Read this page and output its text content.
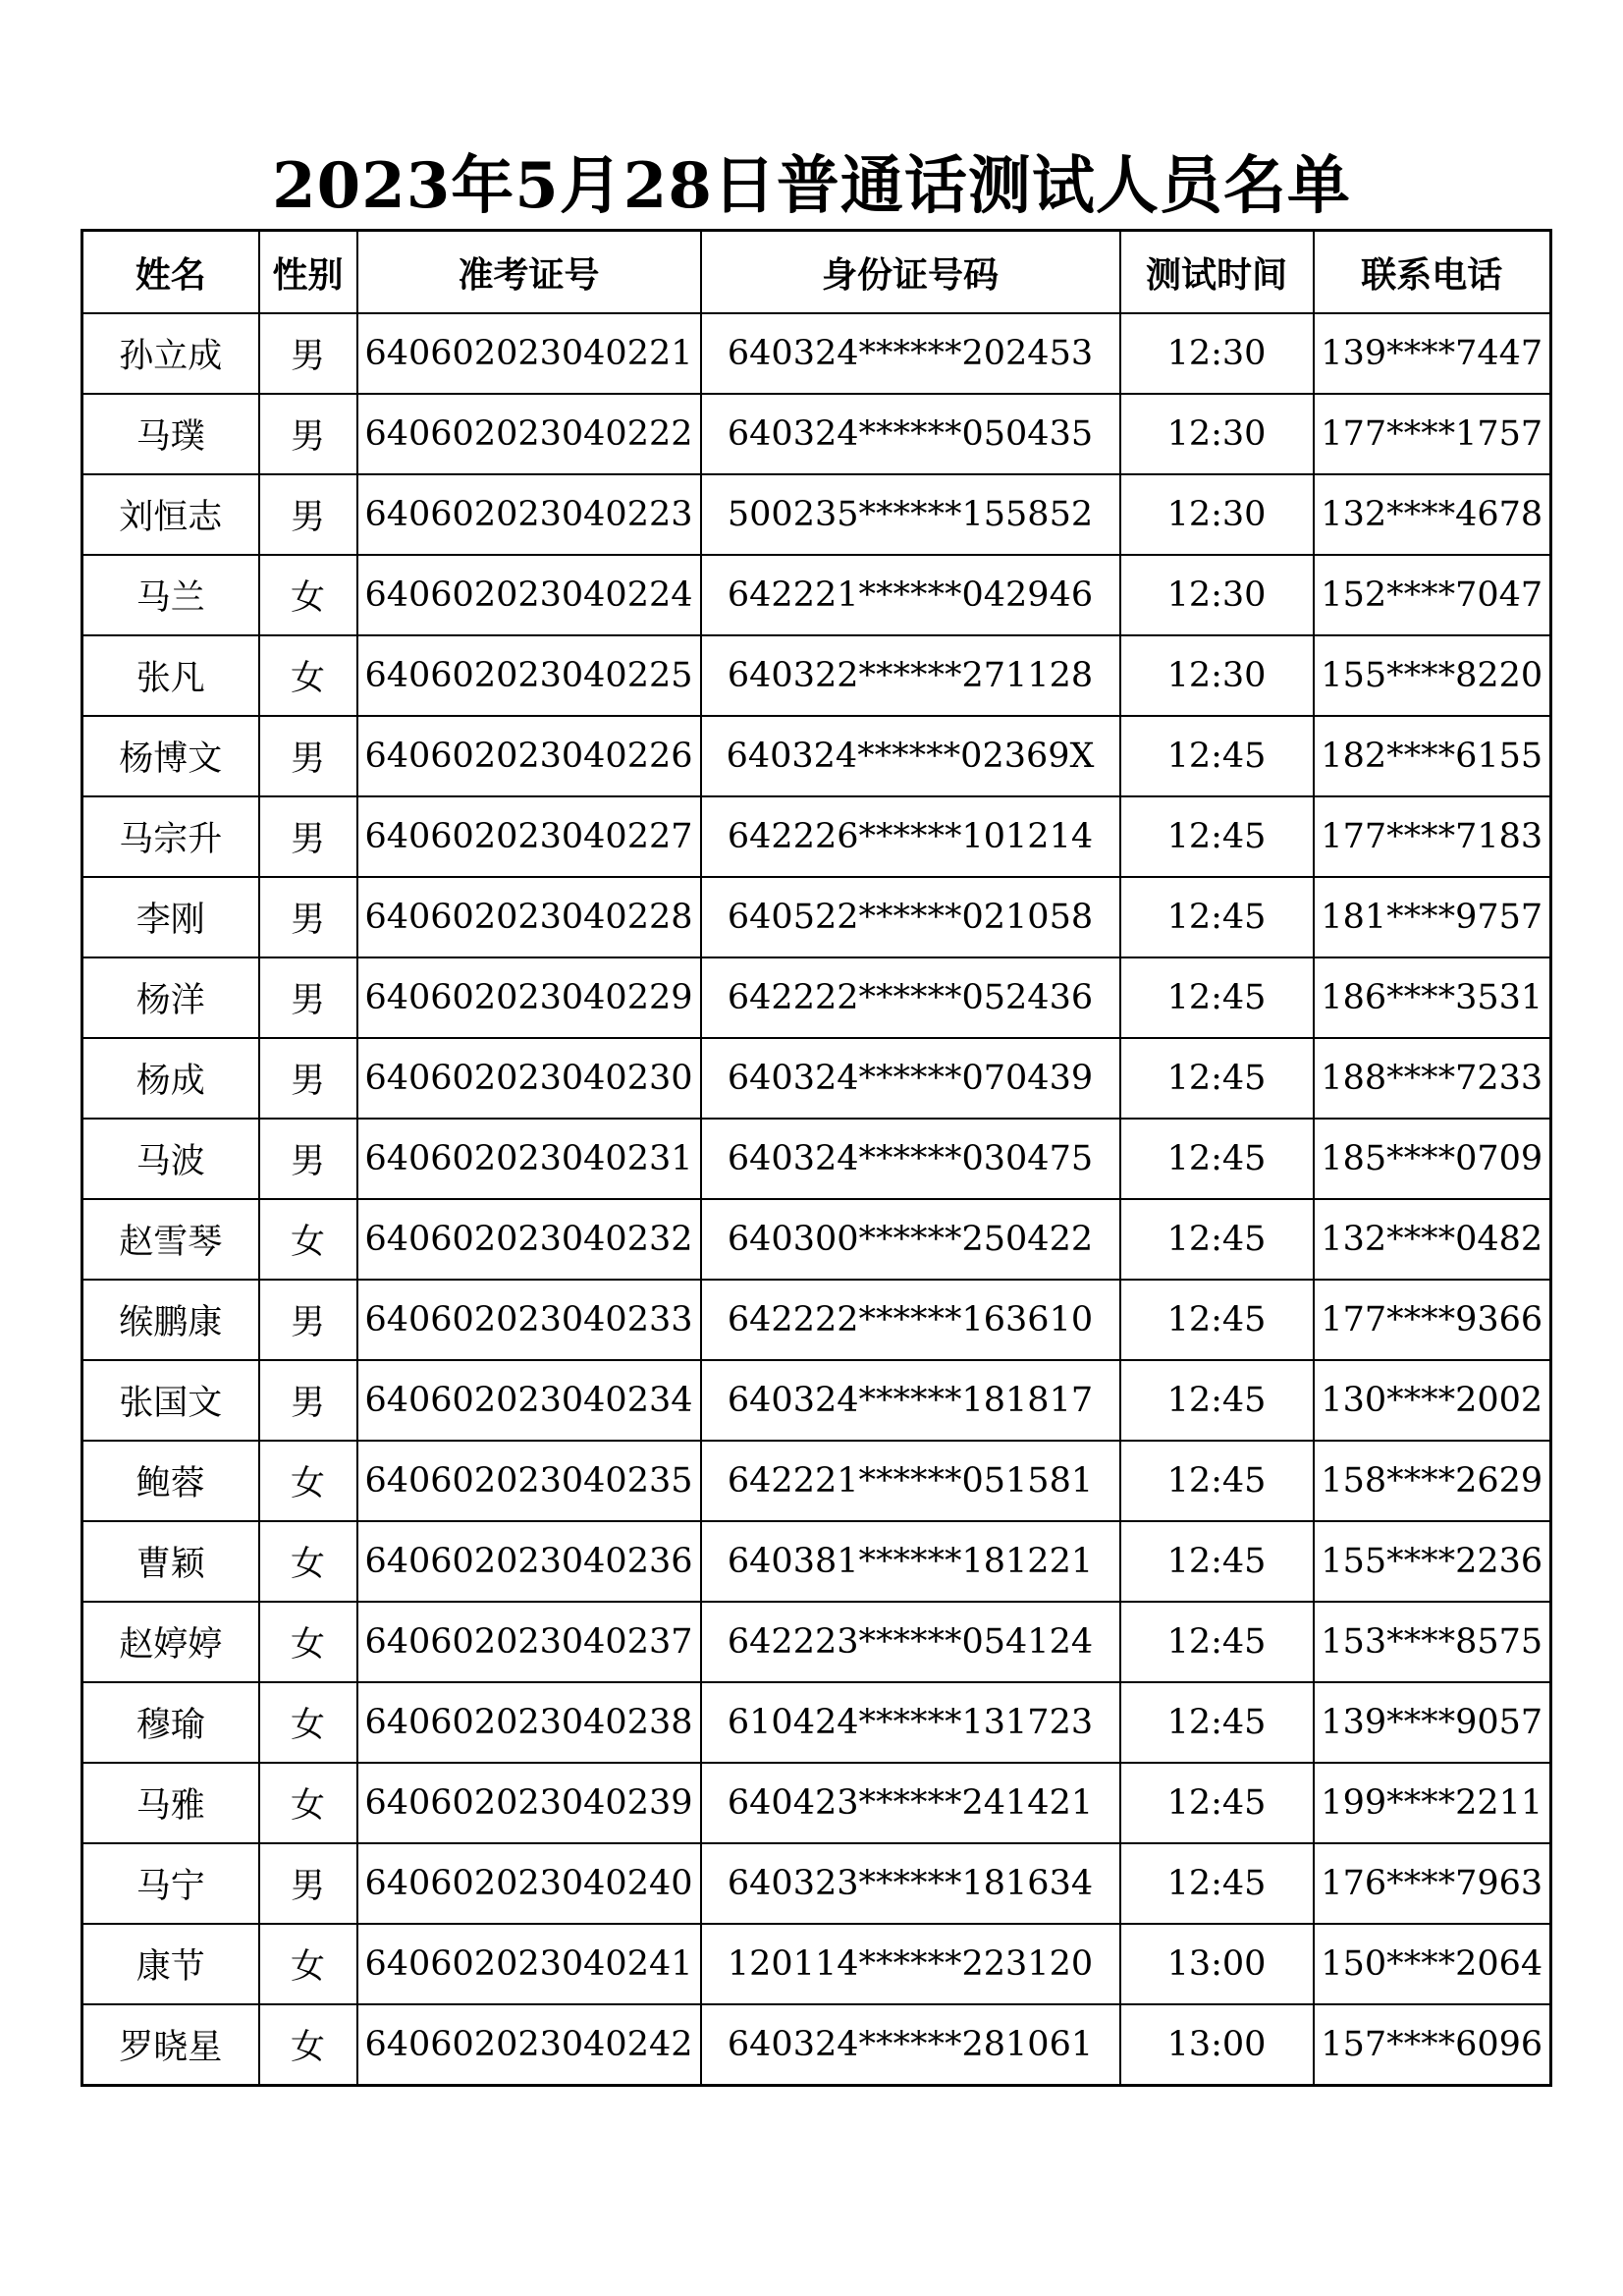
2023年5月28日普通话测试人员名单
姓名	性别	准考证号	身份证号码	测试时间	联系电话
孙立成	男	640602023040221	640324******202453	12:30	139****7447
马璞	男	640602023040222	640324******050435	12:30	177****1757
刘恒志	男	640602023040223	500235******155852	12:30	132****4678
马兰	女	640602023040224	642221******042946	12:30	152****7047
张凡	女	640602023040225	640322******271128	12:30	155****8220
杨博文	男	640602023040226	640324******02369X	12:45	182****6155
马宗升	男	640602023040227	642226******101214	12:45	177****7183
李刚	男	640602023040228	640522******021058	12:45	181****9757
杨洋	男	640602023040229	642222******052436	12:45	186****3531
杨成	男	640602023040230	640324******070439	12:45	188****7233
马波	男	640602023040231	640324******030475	12:45	185****0709
赵雪琴	女	640602023040232	640300******250422	12:45	132****0482
缑鹏康	男	640602023040233	642222******163610	12:45	177****9366
张国文	男	640602023040234	640324******181817	12:45	130****2002
鲍蓉	女	640602023040235	642221******051581	12:45	158****2629
曹颖	女	640602023040236	640381******181221	12:45	155****2236
赵婷婷	女	640602023040237	642223******054124	12:45	153****8575
穆瑜	女	640602023040238	610424******131723	12:45	139****9057
马雅	女	640602023040239	640423******241421	12:45	199****2211
马宁	男	640602023040240	640323******181634	12:45	176****7963
康节	女	640602023040241	120114******223120	13:00	150****2064
罗晓星	女	640602023040242	640324******281061	13:00	157****6096
